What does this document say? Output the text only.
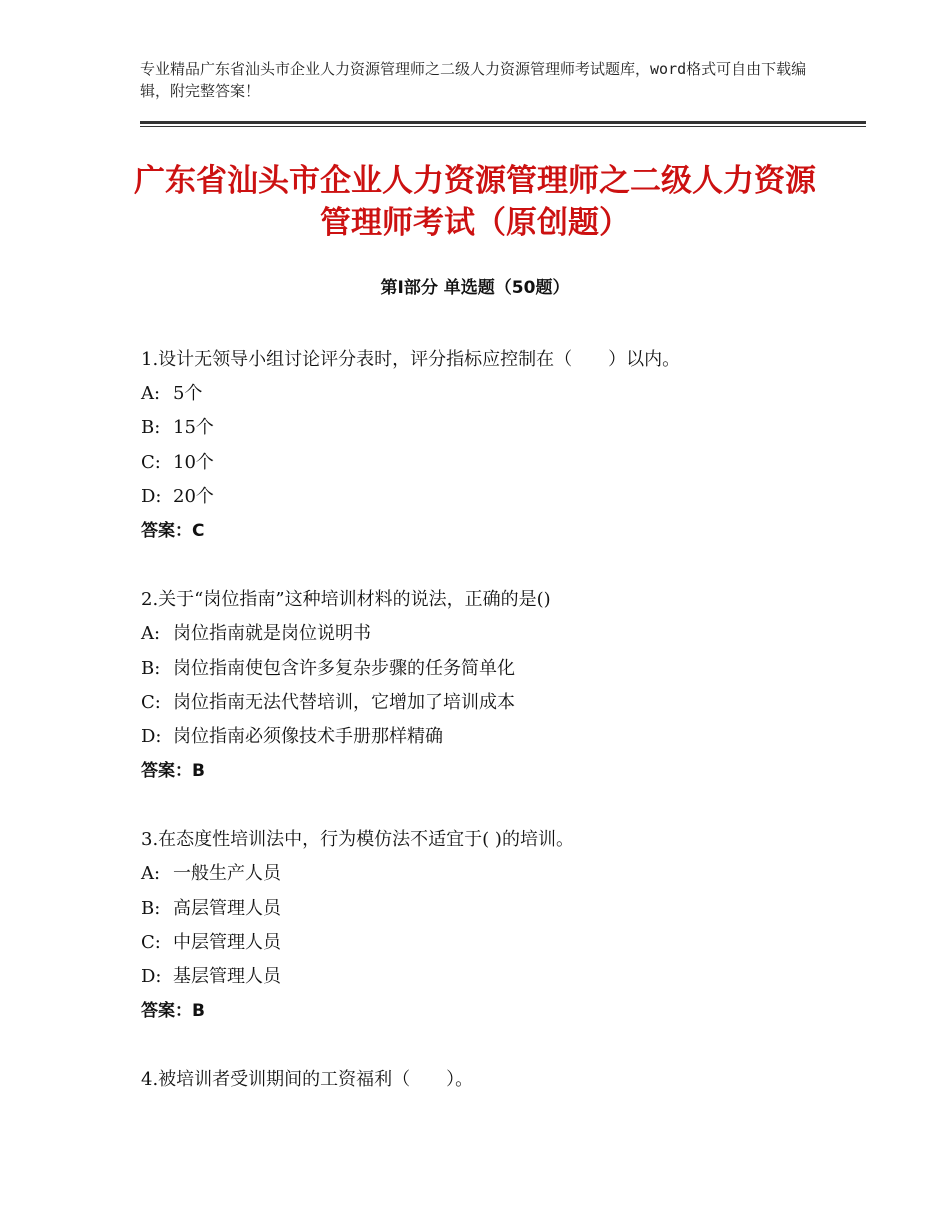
专业精品广东省汕头市企业人力资源管理师之二级人力资源管理师考试题库，word格式可自由下载编辑，附完整答案！
广东省汕头市企业人力资源管理师之二级人力资源管理师考试（原创题）
第Ⅰ部分 单选题（50题）
1.设计无领导小组讨论评分表时，评分指标应控制在（　　）以内。
A: 5个
B: 15个
C: 10个
D: 20个
答案：C
2.关于“岗位指南”这种培训材料的说法，正确的是()
A: 岗位指南就是岗位说明书
B: 岗位指南使包含许多复杂步骤的任务简单化
C: 岗位指南无法代替培训，它增加了培训成本
D: 岗位指南必须像技术手册那样精确
答案：B
3.在态度性培训法中，行为模仿法不适宜于( )的培训。
A: 一般生产人员
B: 高层管理人员
C: 中层管理人员
D: 基层管理人员
答案：B
4.被培训者受训期间的工资福利（　　）。
